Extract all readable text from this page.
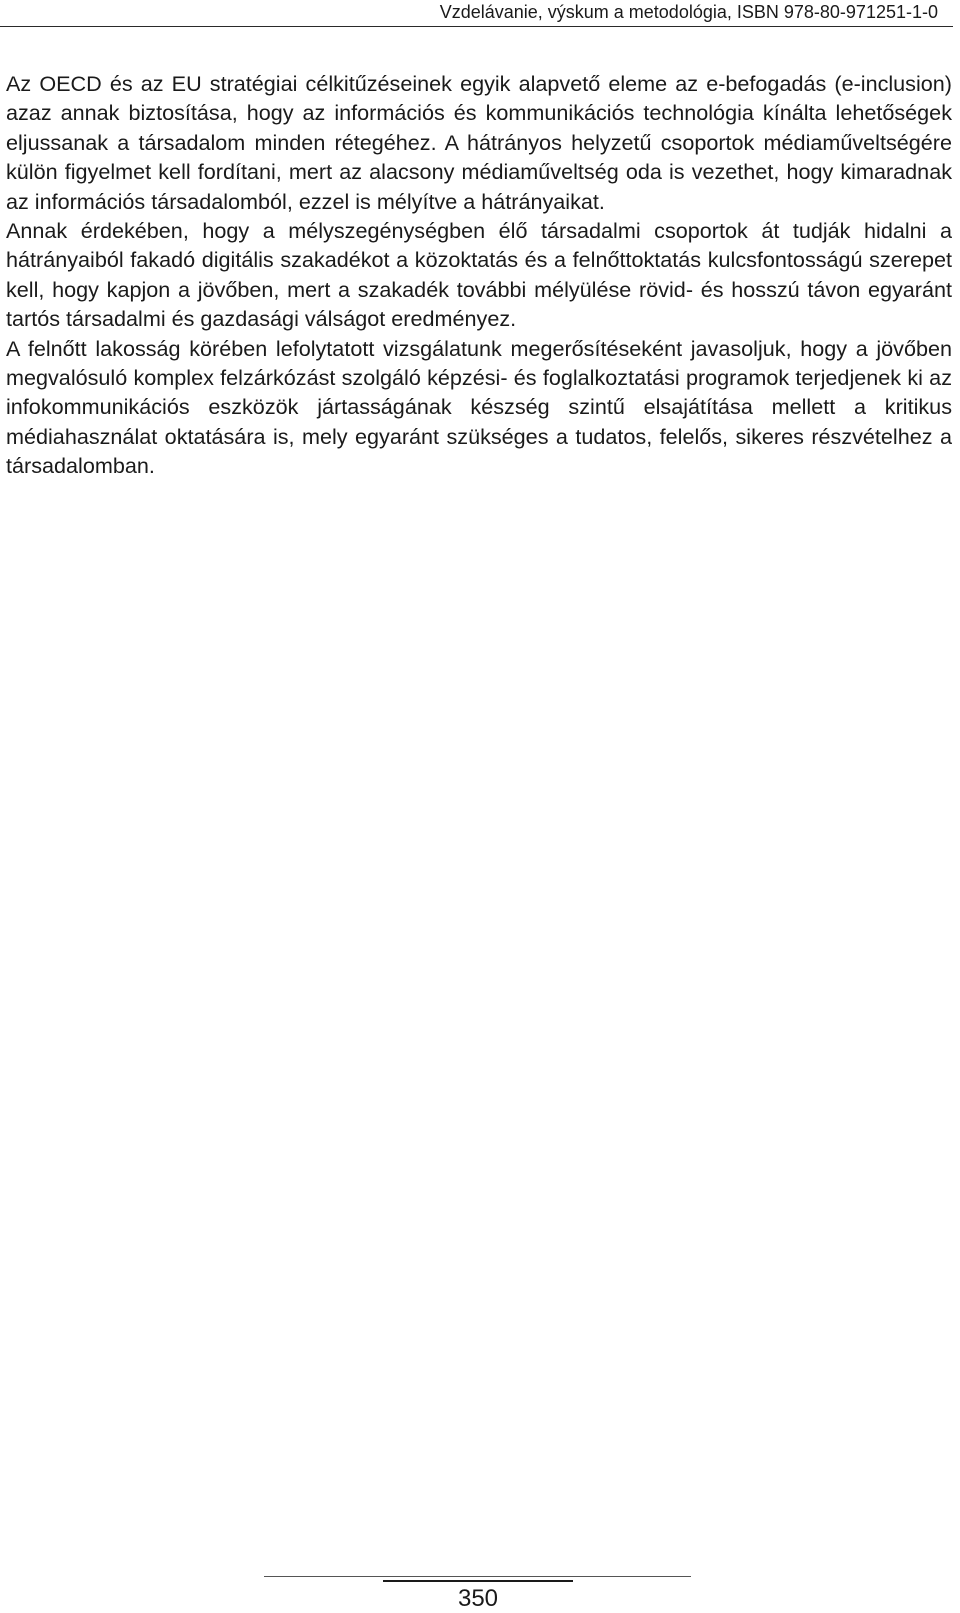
Vzdelávanie, výskum a metodológia, ISBN 978-80-971251-1-0

Az OECD és az EU stratégiai célkitűzéseinek egyik alapvető eleme az e-befogadás (e-inclusion) azaz annak biztosítása, hogy az információs és kommunikációs technológia kínálta lehetőségek eljussanak a társadalom minden rétegéhez. A hátrányos helyzetű csoportok médiaműveltségére külön figyelmet kell fordítani, mert az alacsony médiaműveltség oda is vezethet, hogy kimaradnak az információs társadalomból, ezzel is mélyítve a hátrányaikat.

Annak érdekében, hogy a mélyszegénységben élő társadalmi csoportok át tudják hidalni a hátrányaiból fakadó digitális szakadékot a közoktatás és a felnőttoktatás kulcsfontosságú szerepet kell, hogy kapjon a jövőben, mert a szakadék további mélyülése rövid- és hosszú távon egyaránt tartós társadalmi és gazdasági válságot eredményez.

A felnőtt lakosság körében lefolytatott vizsgálatunk megerősítéseként javasoljuk, hogy a jövőben megvalósuló komplex felzárkózást szolgáló képzési- és foglalkoztatási programok terjedjenek ki az infokommunikációs eszközök jártasságának készség szintű elsajátítása mellett a kritikus médiahasználat oktatására is, mely egyaránt szükséges a tudatos, felelős, sikeres részvételhez a társadalomban.

350
